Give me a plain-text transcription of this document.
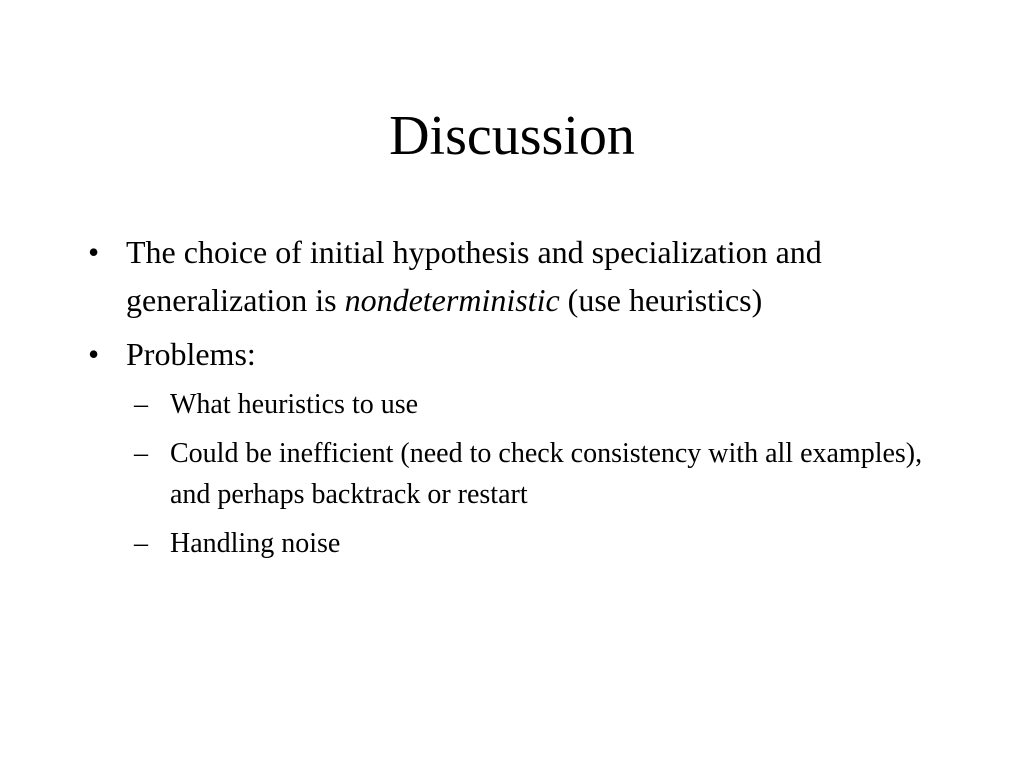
Discussion
• The choice of initial hypothesis and specialization and generalization is nondeterministic (use heuristics)
• Problems:
– What heuristics to use
– Could be inefficient (need to check consistency with all examples), and perhaps backtrack or restart
– Handling noise
